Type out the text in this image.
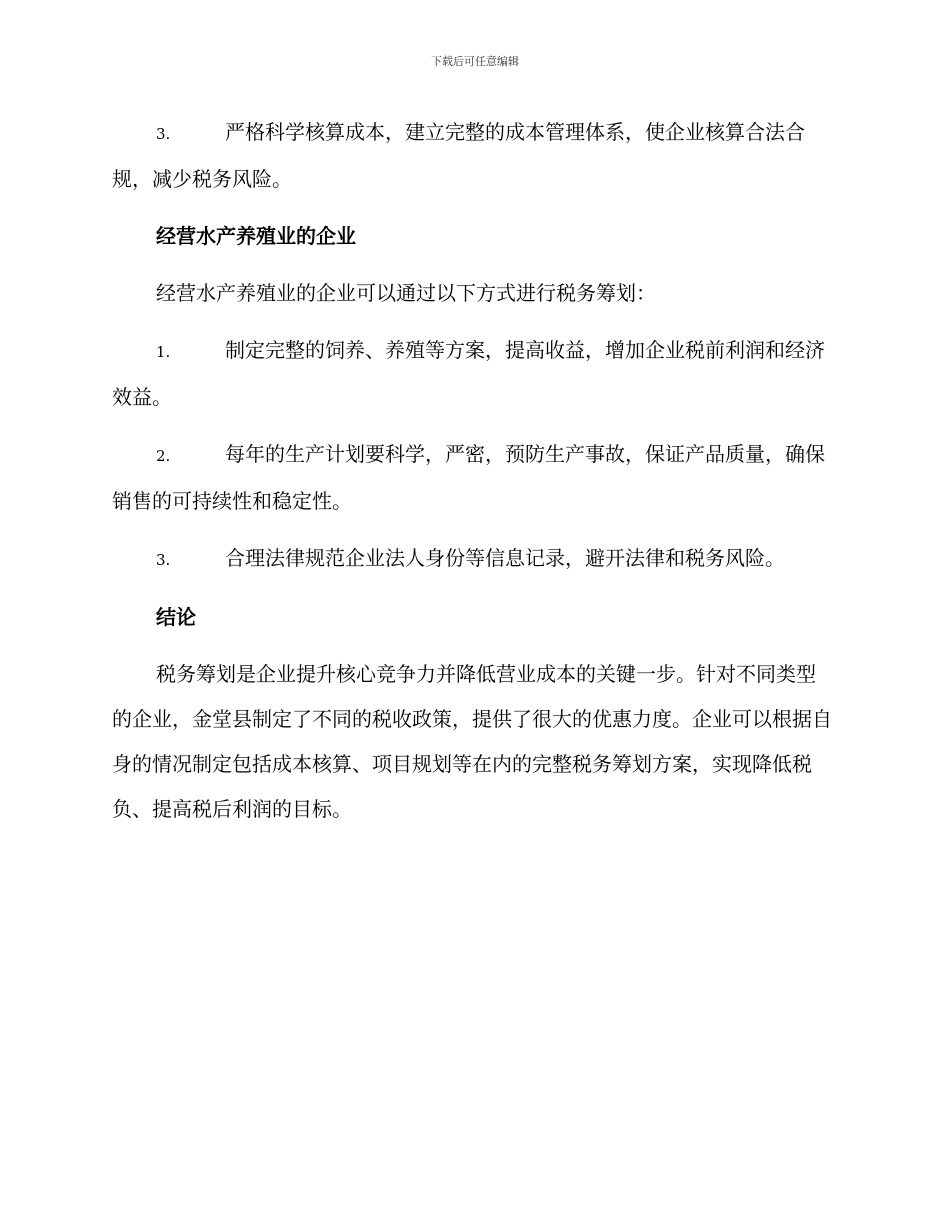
下载后可任意编辑

3.	严格科学核算成本，建立完整的成本管理体系，使企业核算合法合规，减少税务风险。

经营水产养殖业的企业

经营水产养殖业的企业可以通过以下方式进行税务筹划：

1.	制定完整的饲养、养殖等方案，提高收益，增加企业税前利润和经济效益。

2.	每年的生产计划要科学，严密，预防生产事故，保证产品质量，确保销售的可持续性和稳定性。

3.	合理法律规范企业法人身份等信息记录，避开法律和税务风险。

结论

税务筹划是企业提升核心竞争力并降低营业成本的关键一步。针对不同类型的企业，金堂县制定了不同的税收政策，提供了很大的优惠力度。企业可以根据自身的情况制定包括成本核算、项目规划等在内的完整税务筹划方案，实现降低税负、提高税后利润的目标。
